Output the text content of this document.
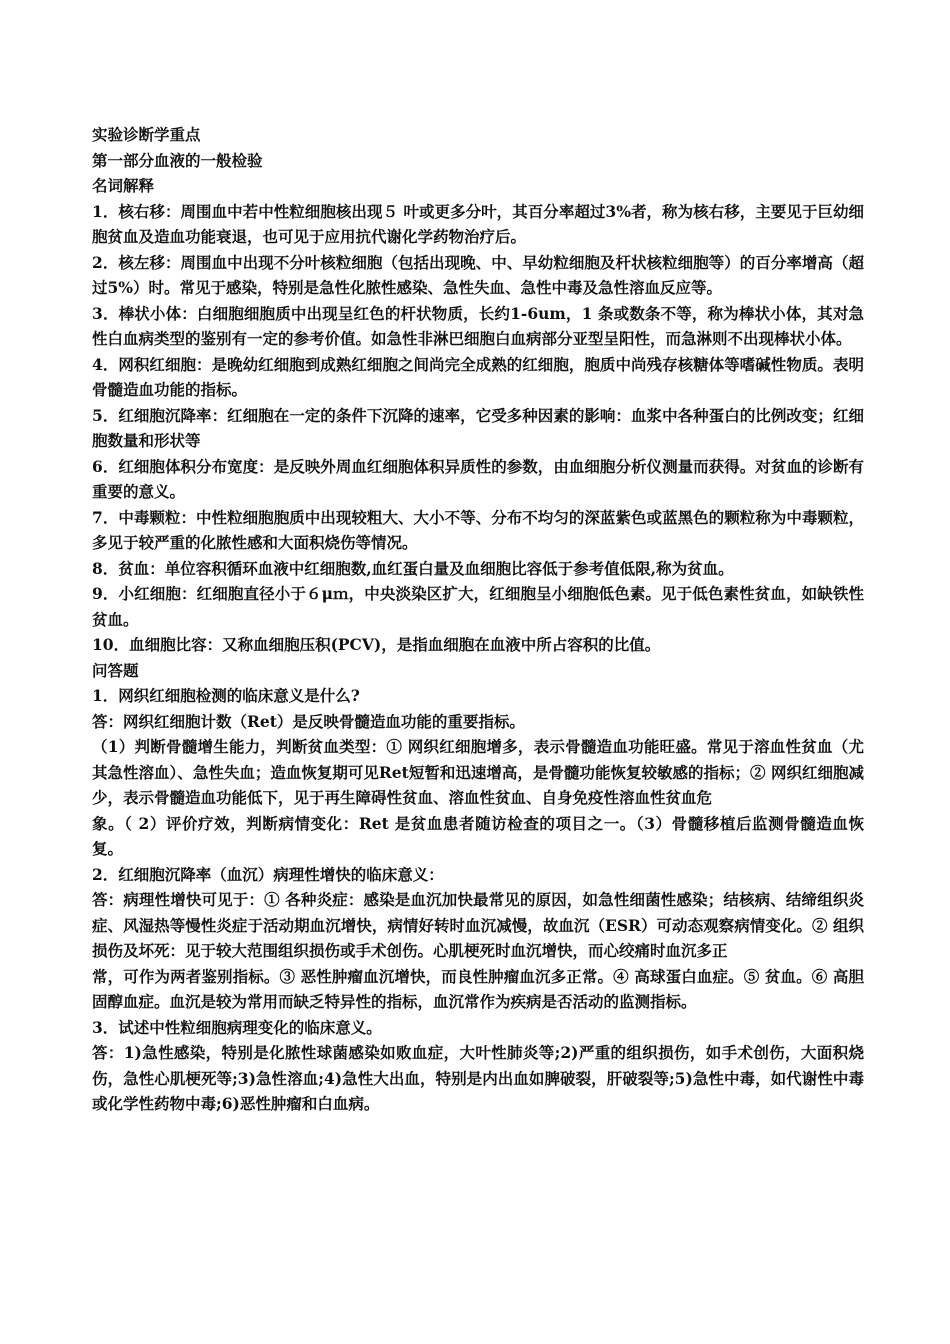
实验诊断学重点

第一部分血液的一般检验

名词解释

1．核右移：周围血中若中性粒细胞核出现５ 叶或更多分叶，其百分率超过3%者，称为核右移，主要见于巨幼细胞贫血及造血功能衰退，也可见于应用抗代谢化学药物治疗后。

2．核左移：周围血中出现不分叶核粒细胞（包括出现晚、中、早幼粒细胞及杆状核粒细胞等）的百分率增高（超过5%）时。常见于感染，特别是急性化脓性感染、急性失血、急性中毒及急性溶血反应等。

3．棒状小体：白细胞细胞质中出现呈红色的杆状物质，长约1-6um，1 条或数条不等，称为棒状小体，其对急性白血病类型的鉴别有一定的参考价值。如急性非淋巴细胞白血病部分亚型呈阳性，而急淋则不出现棒状小体。

4．网积红细胞：是晚幼红细胞到成熟红细胞之间尚完全成熟的红细胞，胞质中尚残存核糖体等嗜碱性物质。表明骨髓造血功能的指标。

5．红细胞沉降率：红细胞在一定的条件下沉降的速率，它受多种因素的影响：血浆中各种蛋白的比例改变；红细胞数量和形状等

6．红细胞体积分布宽度：是反映外周血红细胞体积异质性的参数，由血细胞分析仪测量而获得。对贫血的诊断有重要的意义。

7．中毒颗粒：中性粒细胞胞质中出现较粗大、大小不等、分布不均匀的深蓝紫色或蓝黑色的颗粒称为中毒颗粒，多见于较严重的化脓性感和大面积烧伤等情况。

8．贫血：单位容积循环血液中红细胞数,血红蛋白量及血细胞比容低于参考值低限,称为贫血。

9．小红细胞：红细胞直径小于６μｍ，中央淡染区扩大，红细胞呈小细胞低色素。见于低色素性贫血，如缺铁性贫血。

10．血细胞比容：又称血细胞压积(PCV)，是指血细胞在血液中所占容积的比值。

问答题

1．网织红细胞检测的临床意义是什么?

答：网织红细胞计数（Ret）是反映骨髓造血功能的重要指标。

（1）判断骨髓增生能力，判断贫血类型：① 网织红细胞增多，表示骨髓造血功能旺盛。常见于溶血性贫血（尤其急性溶血）、急性失血；造血恢复期可见Ret短暂和迅速增高，是骨髓功能恢复较敏感的指标；② 网织红细胞减少，表示骨髓造血功能低下，见于再生障碍性贫血、溶血性贫血、自身免疫性溶血性贫血危

象。（ 2）评价疗效，判断病情变化：Ret 是贫血患者随访检查的项目之一。（3）骨髓移植后监测骨髓造血恢复。

2．红细胞沉降率（血沉）病理性增快的临床意义：

答：病理性增快可见于：① 各种炎症：感染是血沉加快最常见的原因，如急性细菌性感染；结核病、结缔组织炎症、风湿热等慢性炎症于活动期血沉增快，病情好转时血沉减慢，故血沉（ESR）可动态观察病情变化。② 组织损伤及坏死：见于较大范围组织损伤或手术创伤。心肌梗死时血沉增快，而心绞痛时血沉多正

常，可作为两者鉴别指标。③ 恶性肿瘤血沉增快，而良性肿瘤血沉多正常。④ 高球蛋白血症。⑤ 贫血。⑥ 高胆固醇血症。血沉是较为常用而缺乏特异性的指标，血沉常作为疾病是否活动的监测指标。

3．试述中性粒细胞病理变化的临床意义。

答：1)急性感染，特别是化脓性球菌感染如败血症，大叶性肺炎等;2)严重的组织损伤，如手术创伤，大面积烧伤，急性心肌梗死等;3)急性溶血;4)急性大出血，特别是内出血如脾破裂，肝破裂等;5)急性中毒，如代谢性中毒或化学性药物中毒;6)恶性肿瘤和白血病。
